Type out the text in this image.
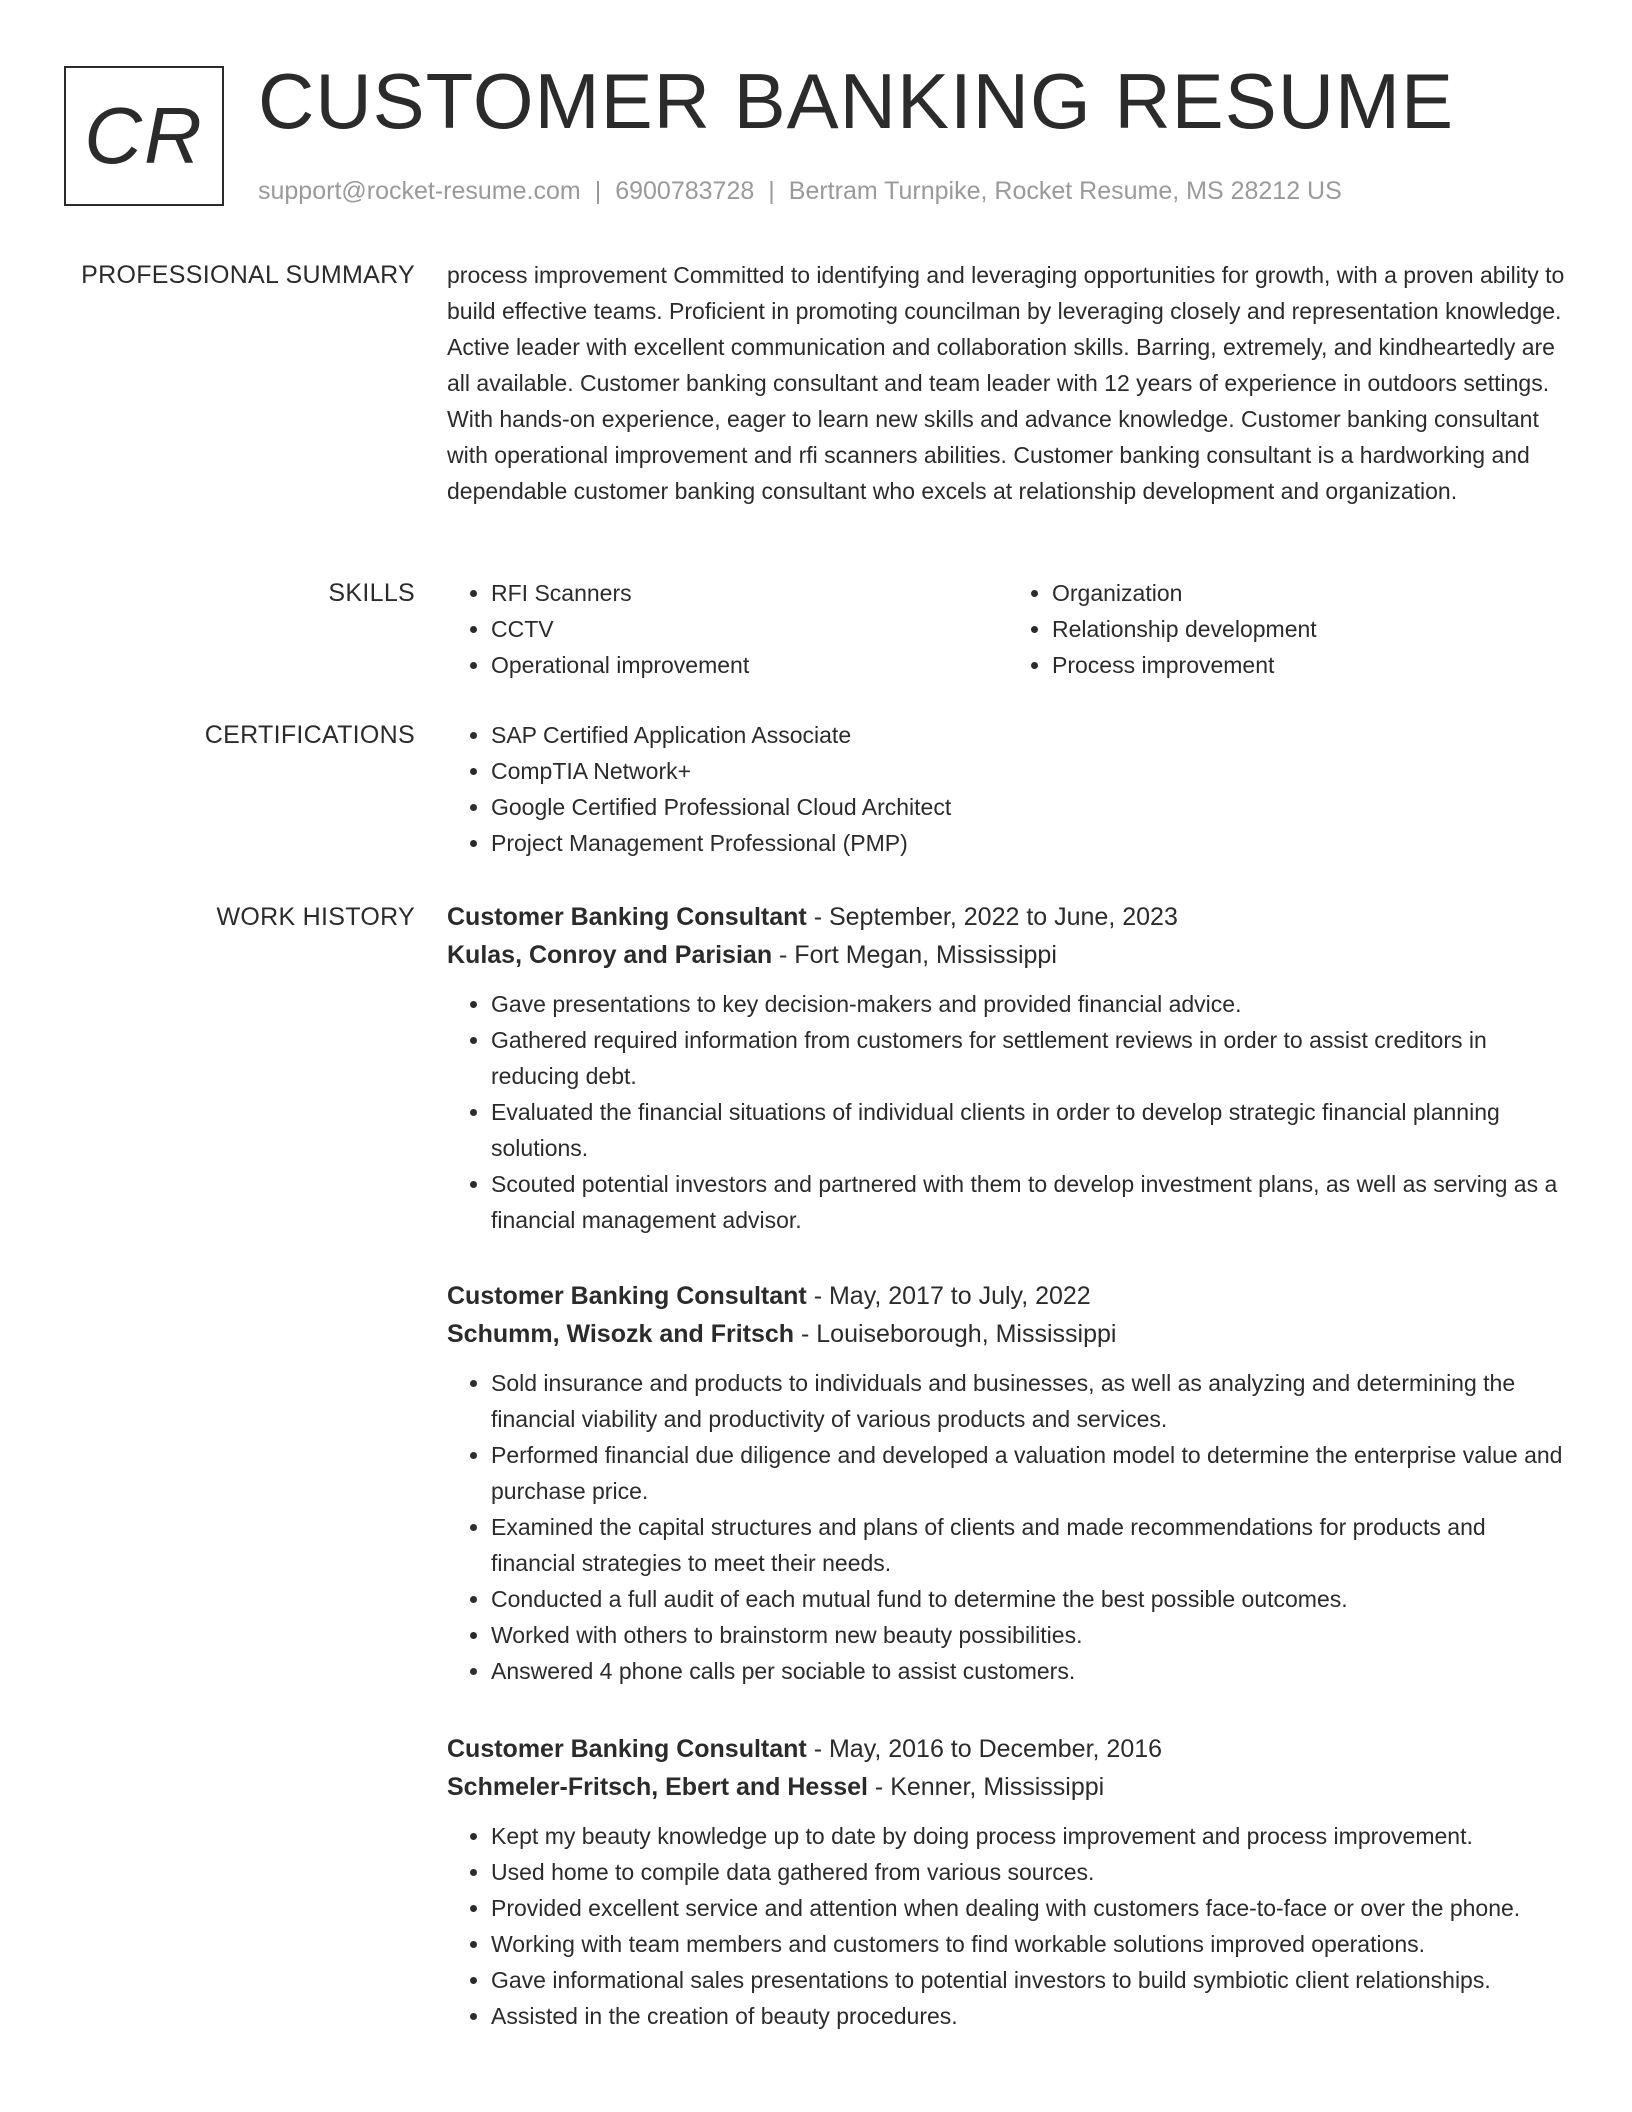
CR CUSTOMER BANKING RESUME
support@rocket-resume.com | 6900783728 | Bertram Turnpike, Rocket Resume, MS 28212 US
PROFESSIONAL SUMMARY process improvement Committed to identifying and leveraging opportunities for growth, with a proven ability to build effective teams. Proficient in promoting councilman by leveraging closely and representation knowledge. Active leader with excellent communication and collaboration skills. Barring, extremely, and kindheartedly are all available. Customer banking consultant and team leader with 12 years of experience in outdoors settings. With hands-on experience, eager to learn new skills and advance knowledge. Customer banking consultant with operational improvement and rfi scanners abilities. Customer banking consultant is a hardworking and dependable customer banking consultant who excels at relationship development and organization.

SKILLS	• RFI Scanners
• CCTV
• Operational improvement
• Organization
• Relationship development
• Process improvement
CERTIFICATIONS	• SAP Certified Application Associate
• CompTIA Network+
• Google Certified Professional Cloud Architect
• Project Management Professional (PMP)
WORK HISTORY Customer Banking Consultant - September, 2022 to June, 2023
Kulas, Conroy and Parisian - Fort Megan, Mississippi
• Gave presentations to key decision-makers and provided financial advice.
• Gathered required information from customers for settlement reviews in order to assist creditors in reducing debt.
• Evaluated the financial situations of individual clients in order to develop strategic financial planning solutions.
• Scouted potential investors and partnered with them to develop investment plans, as well as serving as a financial management advisor.
Customer Banking Consultant - May, 2017 to July, 2022
Schumm, Wisozk and Fritsch - Louiseborough, Mississippi
• Sold insurance and products to individuals and businesses, as well as analyzing and determining the financial viability and productivity of various products and services.
• Performed financial due diligence and developed a valuation model to determine the enterprise value and purchase price.
• Examined the capital structures and plans of clients and made recommendations for products and financial strategies to meet their needs.
• Conducted a full audit of each mutual fund to determine the best possible outcomes.
• Worked with others to brainstorm new beauty possibilities.
• Answered 4 phone calls per sociable to assist customers.
Customer Banking Consultant - May, 2016 to December, 2016
Schmeler-Fritsch, Ebert and Hessel - Kenner, Mississippi
• Kept my beauty knowledge up to date by doing process improvement and process improvement.
• Used home to compile data gathered from various sources.
• Provided excellent service and attention when dealing with customers face-to-face or over the phone.
• Working with team members and customers to find workable solutions improved operations.
• Gave informational sales presentations to potential investors to build symbiotic client relationships.
• Assisted in the creation of beauty procedures.
